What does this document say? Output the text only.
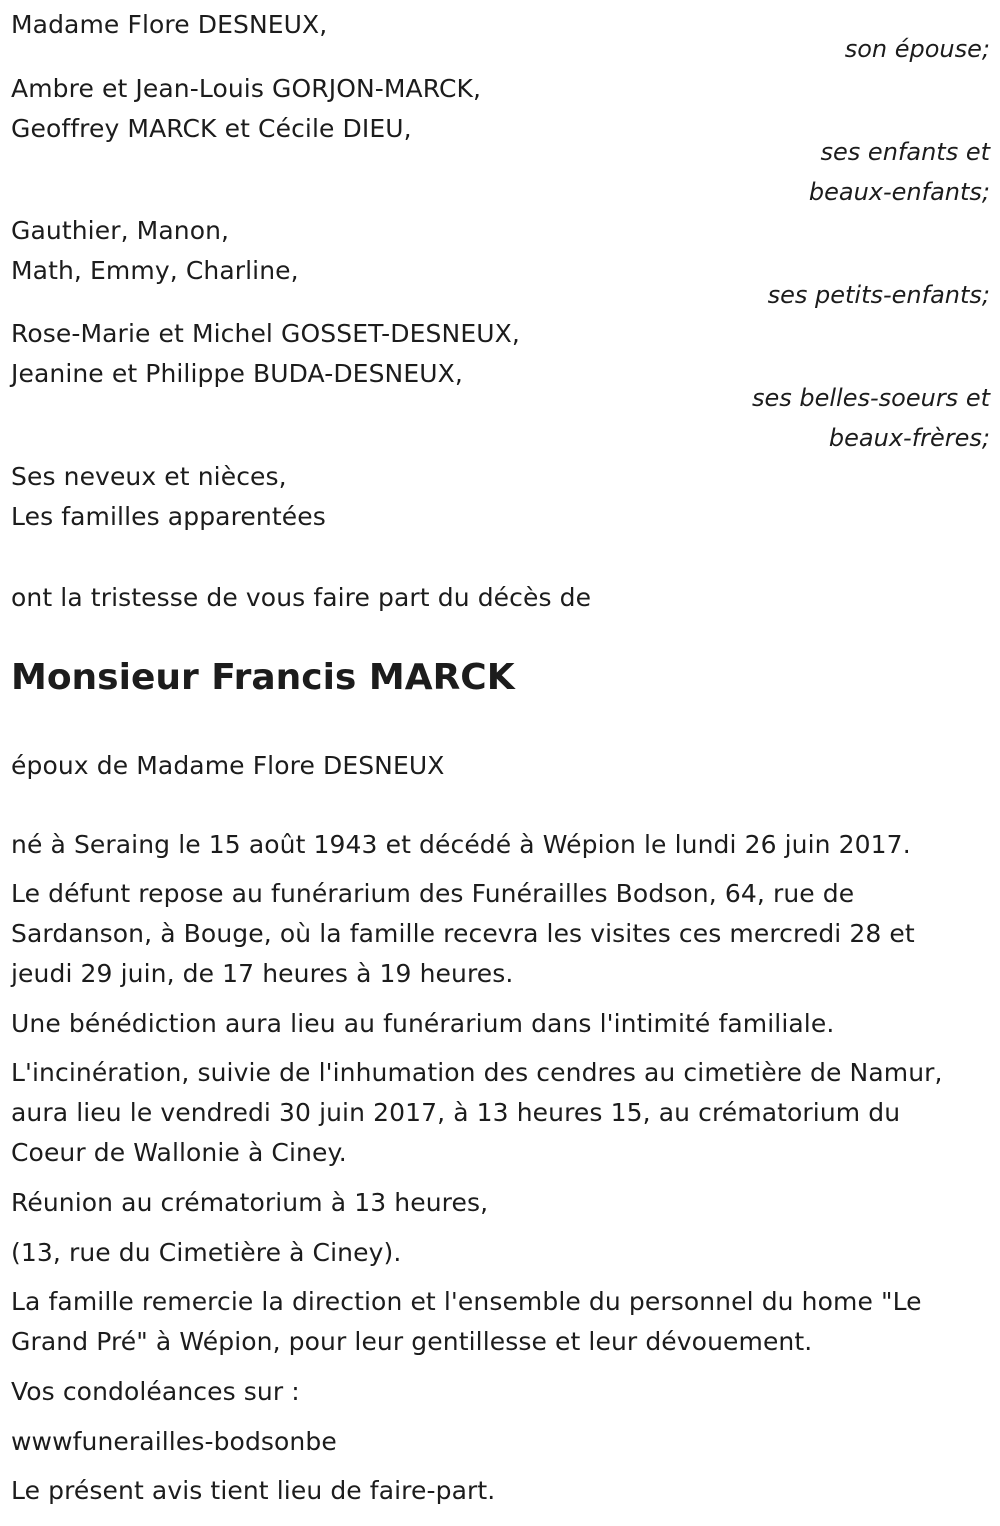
Madame Flore DESNEUX,

son épouse;

Ambre et Jean-Louis GORJON-MARCK,

Geoffrey MARCK et Cécile DIEU,

ses enfants et

beaux-enfants;

Gauthier, Manon,

Math, Emmy, Charline,

ses petits-enfants;

Rose-Marie et Michel GOSSET-DESNEUX,

Jeanine et Philippe BUDA-DESNEUX,

ses belles-soeurs et

beaux-frères;

Ses neveux et nièces,

Les familles apparentées

ont la tristesse de vous faire part du décès de

Monsieur Francis MARCK

époux de Madame Flore DESNEUX

né à Seraing le 15 août 1943 et décédé à Wépion le lundi 26 juin 2017.

Le défunt repose au funérarium des Funérailles Bodson, 64, rue de

Sardanson, à Bouge, où la famille recevra les visites ces mercredi 28 et

jeudi 29 juin, de 17 heures à 19 heures.

Une bénédiction aura lieu au funérarium dans l'intimité familiale.

L'incinération, suivie de l'inhumation des cendres au cimetière de Namur,

aura lieu le vendredi 30 juin 2017, à 13 heures 15, au crématorium du

Coeur de Wallonie à Ciney.

Réunion au crématorium à 13 heures,

(13, rue du Cimetière à Ciney).

La famille remercie la direction et l'ensemble du personnel du home "Le

Grand Pré" à Wépion, pour leur gentillesse et leur dévouement.

Vos condoléances sur :

wwwfunerailles-bodsonbe

Le présent avis tient lieu de faire-part.
